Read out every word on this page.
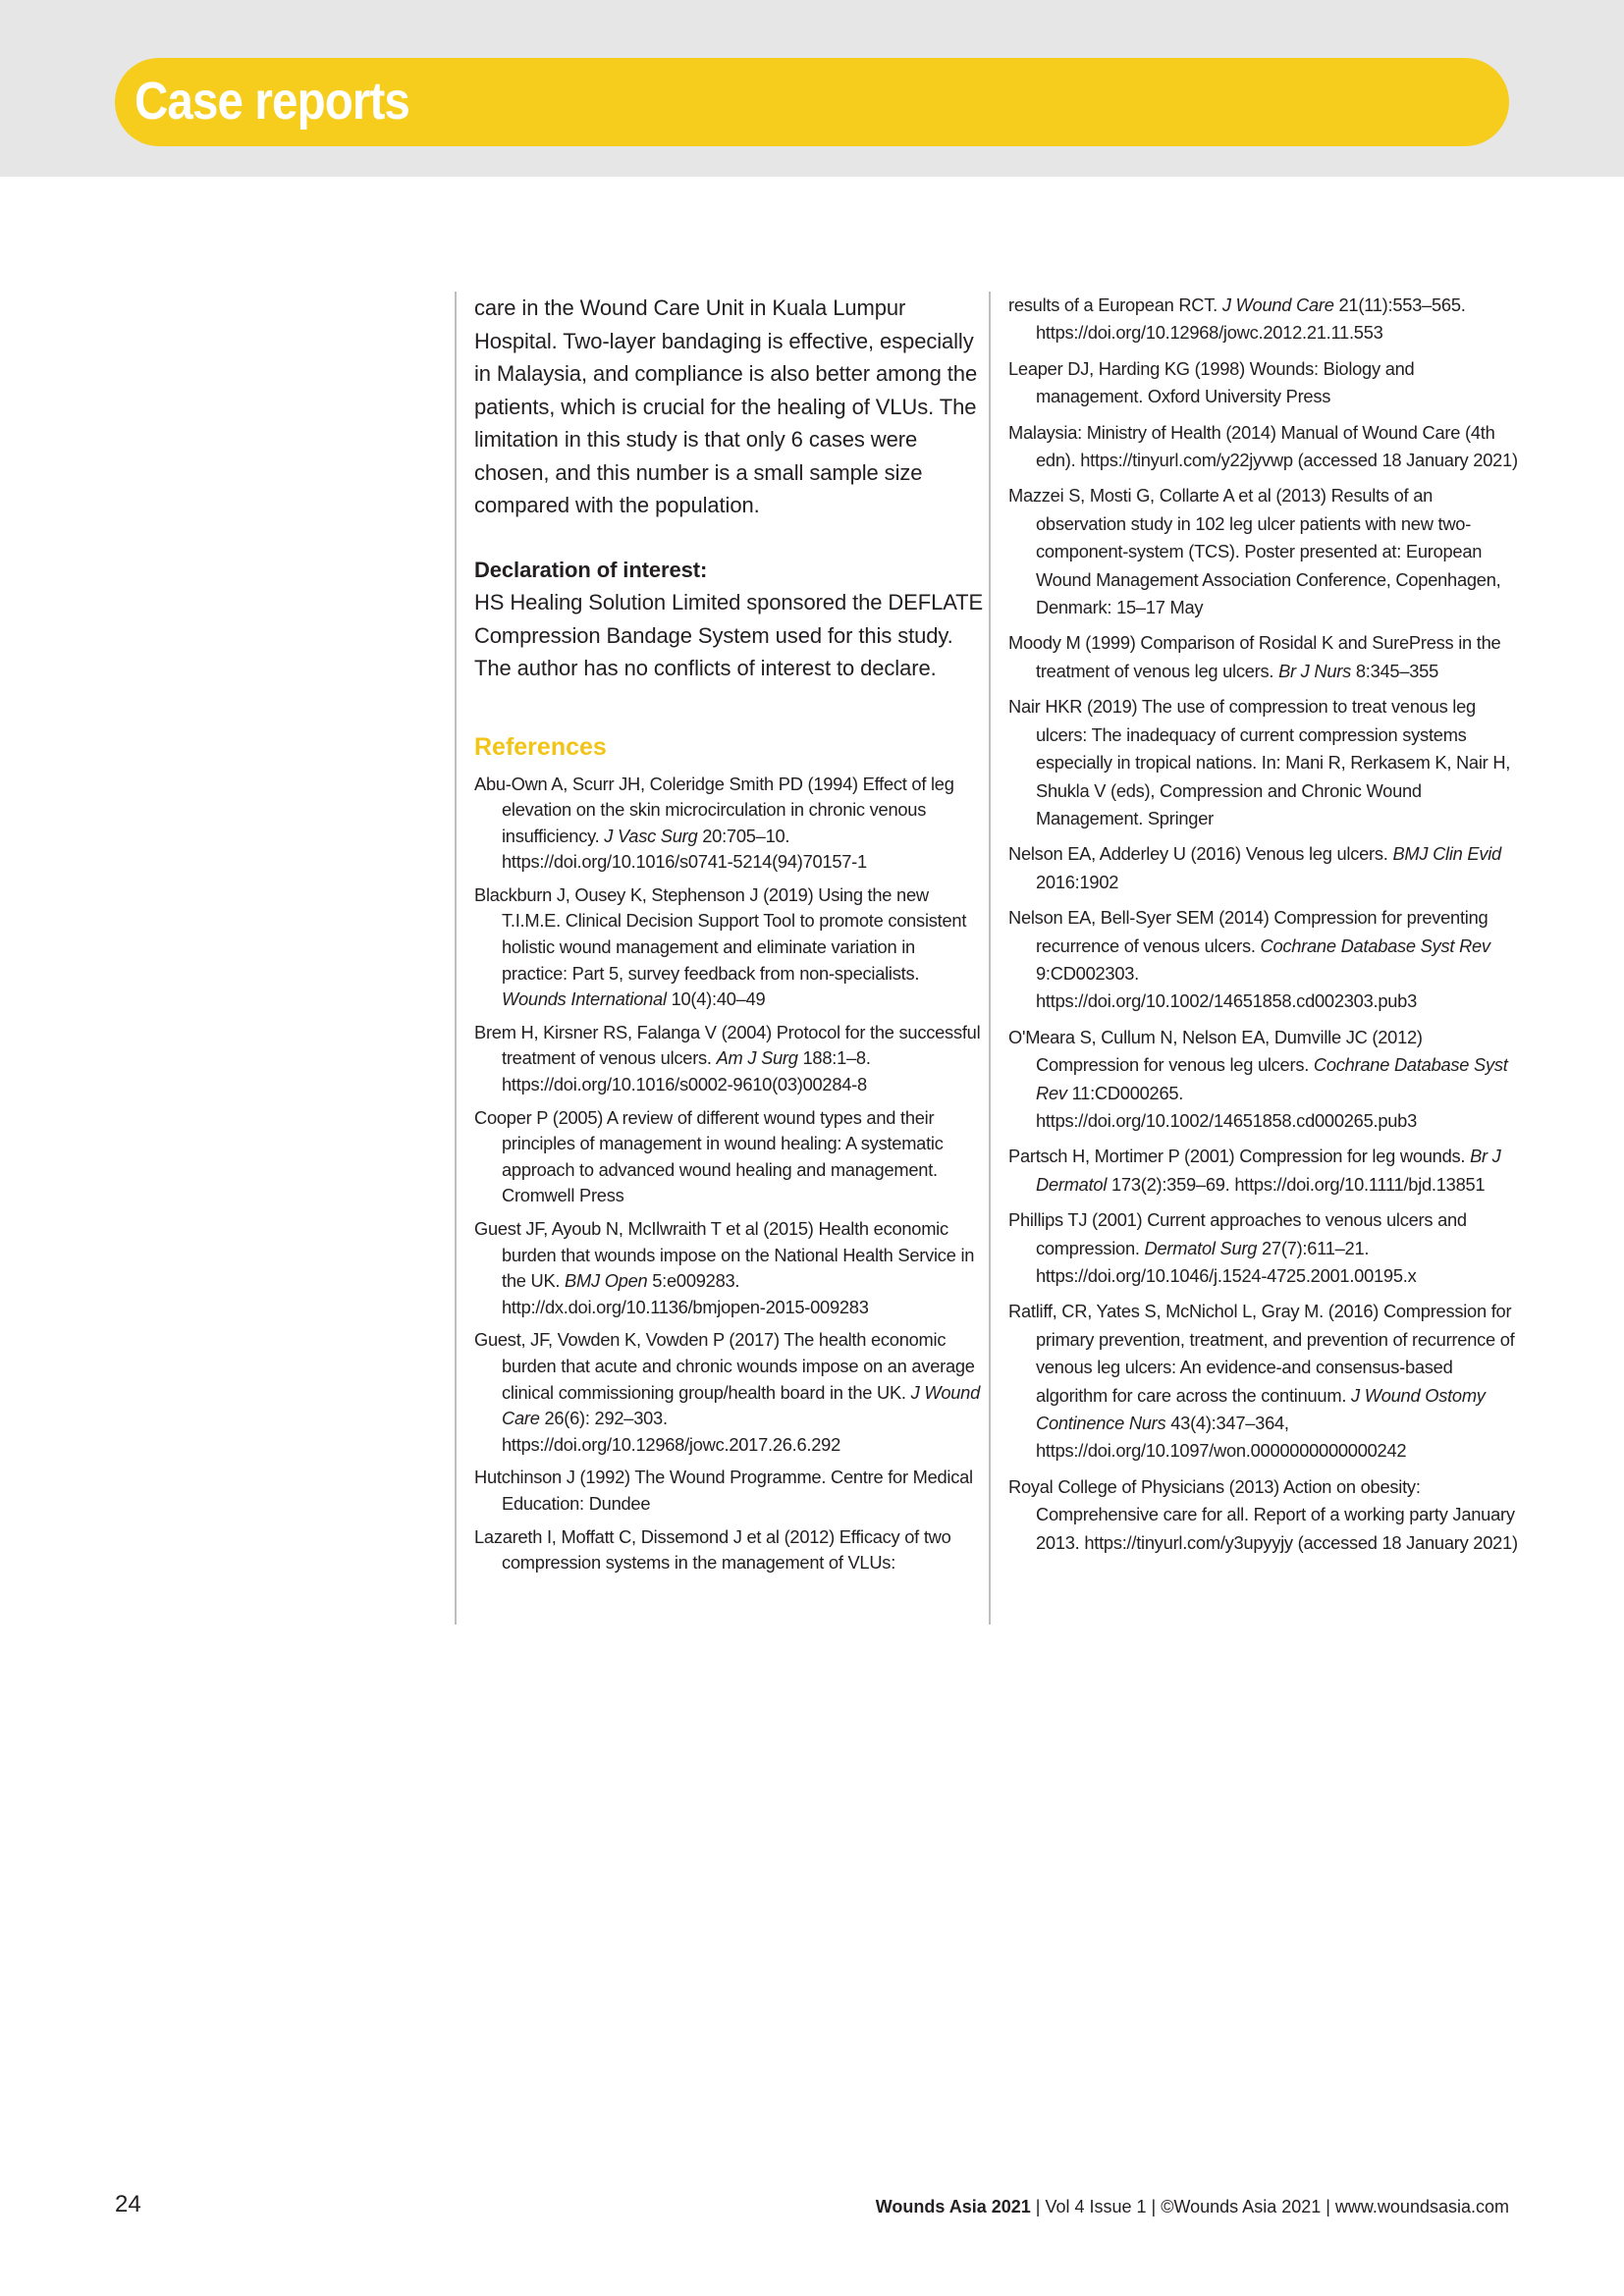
Case reports

care in the Wound Care Unit in Kuala Lumpur Hospital. Two-layer bandaging is effective, especially in Malaysia, and compliance is also better among the patients, which is crucial for the healing of VLUs. The limitation in this study is that only 6 cases were chosen, and this number is a small sample size compared with the population.

Declaration of interest:

HS Healing Solution Limited sponsored the DEFLATE Compression Bandage System used for this study. The author has no conflicts of interest to declare.

References

Abu-Own A, Scurr JH, Coleridge Smith PD (1994) Effect of leg elevation on the skin microcirculation in chronic venous insufficiency. J Vasc Surg 20:705–10. https://doi.org/10.1016/s0741-5214(94)70157-1

Blackburn J, Ousey K, Stephenson J (2019) Using the new T.I.M.E. Clinical Decision Support Tool to promote consistent holistic wound management and eliminate variation in practice: Part 5, survey feedback from non-specialists. Wounds International 10(4):40–49

Brem H, Kirsner RS, Falanga V (2004) Protocol for the successful treatment of venous ulcers. Am J Surg 188:1–8. https://doi.org/10.1016/s0002-9610(03)00284-8

Cooper P (2005) A review of different wound types and their principles of management in wound healing: A systematic approach to advanced wound healing and management. Cromwell Press

Guest JF, Ayoub N, McIlwraith T et al (2015) Health economic burden that wounds impose on the National Health Service in the UK. BMJ Open 5:e009283. http://dx.doi.org/10.1136/bmjopen-2015-009283

Guest, JF, Vowden K, Vowden P (2017) The health economic burden that acute and chronic wounds impose on an average clinical commissioning group/health board in the UK. J Wound Care 26(6): 292–303. https://doi.org/10.12968/jowc.2017.26.6.292

Hutchinson J (1992) The Wound Programme. Centre for Medical Education: Dundee

Lazareth I, Moffatt C, Dissemond J et al (2012) Efficacy of two compression systems in the management of VLUs:

results of a European RCT. J Wound Care 21(11):553–565. https://doi.org/10.12968/jowc.2012.21.11.553

Leaper DJ, Harding KG (1998) Wounds: Biology and management. Oxford University Press

Malaysia: Ministry of Health (2014) Manual of Wound Care (4th edn). https://tinyurl.com/y22jyvwp (accessed 18 January 2021)

Mazzei S, Mosti G, Collarte A et al (2013) Results of an observation study in 102 leg ulcer patients with new two-component-system (TCS). Poster presented at: European Wound Management Association Conference, Copenhagen, Denmark: 15–17 May

Moody M (1999) Comparison of Rosidal K and SurePress in the treatment of venous leg ulcers. Br J Nurs 8:345–355

Nair HKR (2019) The use of compression to treat venous leg ulcers: The inadequacy of current compression systems especially in tropical nations. In: Mani R, Rerkasem K, Nair H, Shukla V (eds), Compression and Chronic Wound Management. Springer

Nelson EA, Adderley U (2016) Venous leg ulcers. BMJ Clin Evid 2016:1902

Nelson EA, Bell-Syer SEM (2014) Compression for preventing recurrence of venous ulcers. Cochrane Database Syst Rev 9:CD002303. https://doi.org/10.1002/14651858.cd002303.pub3

O'Meara S, Cullum N, Nelson EA, Dumville JC (2012) Compression for venous leg ulcers. Cochrane Database Syst Rev 11:CD000265. https://doi.org/10.1002/14651858.cd000265.pub3

Partsch H, Mortimer P (2001) Compression for leg wounds. Br J Dermatol 173(2):359–69. https://doi.org/10.1111/bjd.13851

Phillips TJ (2001) Current approaches to venous ulcers and compression. Dermatol Surg 27(7):611–21. https://doi.org/10.1046/j.1524-4725.2001.00195.x

Ratliff, CR, Yates S, McNichol L, Gray M. (2016) Compression for primary prevention, treatment, and prevention of recurrence of venous leg ulcers: An evidence-and consensus-based algorithm for care across the continuum. J Wound Ostomy Continence Nurs 43(4):347–364, https://doi.org/10.1097/won.0000000000000242

Royal College of Physicians (2013) Action on obesity: Comprehensive care for all. Report of a working party January 2013. https://tinyurl.com/y3upyyjy (accessed 18 January 2021)

24	Wounds Asia 2021 | Vol 4 Issue 1 | ©Wounds Asia 2021 | www.woundsasia.com
